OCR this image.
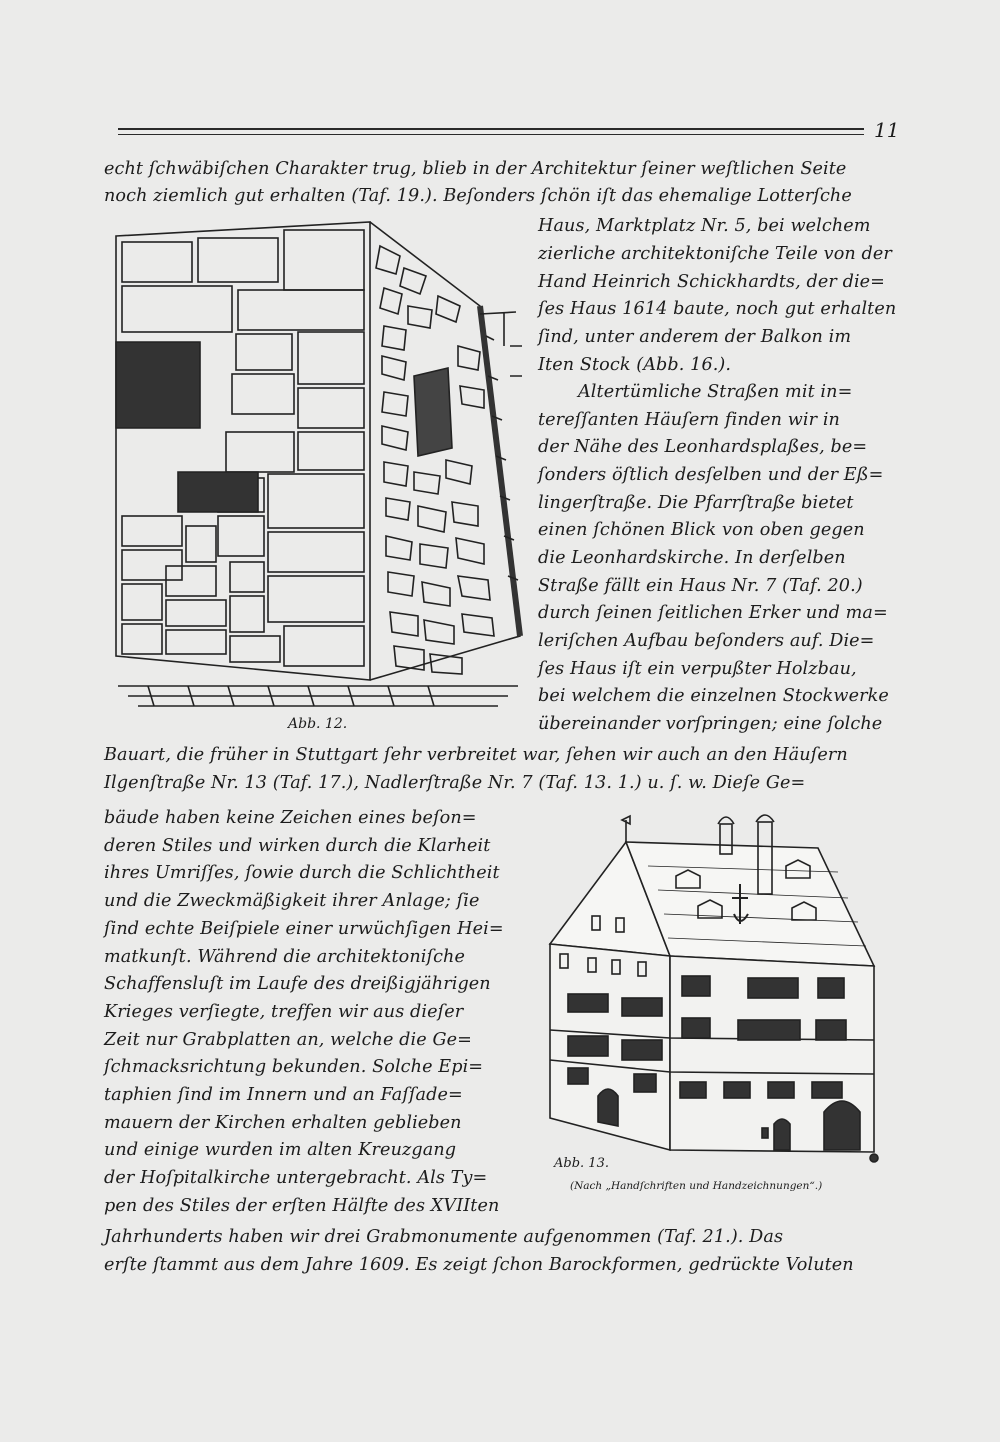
11
echt ſchwäbiſchen Charakter trug, blieb in der Architektur ſeiner weſtlichen Seite
noch ziemlich gut erhalten (Taf. 19.). Beſonders ſchön iſt das ehemalige Lotterſche
Haus, Marktplatz Nr. 5, bei welchem
zierliche architektoniſche Teile von der
Hand Heinrich Schickhardts, der die=
ſes Haus 1614 baute, noch gut erhalten
ſind, unter anderem der Balkon im
Iten Stock (Abb. 16.).
Altertümliche Straßen mit in=
tereſſanten Häuſern finden wir in
der Nähe des Leonhardsplaßes, be=
ſonders öſtlich desſelben und der Eß=
lingerſtraße. Die Pfarrſtraße bietet
einen ſchönen Blick von oben gegen
die Leonhardskirche. In derſelben
Straße fällt ein Haus Nr. 7 (Taf. 20.)
durch ſeinen ſeitlichen Erker und ma=
leriſchen Aufbau beſonders auf. Die=
ſes Haus iſt ein verpußter Holzbau,
bei welchem die einzelnen Stockwerke
übereinander vorſpringen; eine ſolche
Bauart, die früher in Stuttgart ſehr verbreitet war, ſehen wir auch an den Häuſern
Ilgenſtraße Nr. 13 (Taf. 17.), Nadlerſtraße Nr. 7 (Taf. 13. 1.) u. ſ. w. Dieſe Ge=
bäude haben keine Zeichen eines beſon=
deren Stiles und wirken durch die Klarheit
ihres Umriſſes, ſowie durch die Schlichtheit
und die Zweckmäßigkeit ihrer Anlage; ſie
ſind echte Beiſpiele einer urwüchſigen Hei=
matkunſt. Während die architektoniſche
Schaffensluſt im Laufe des dreißigjährigen
Krieges verſiegte, treffen wir aus dieſer
Zeit nur Grabplatten an, welche die Ge=
ſchmacksrichtung bekunden. Solche Epi=
taphien ſind im Innern und an Faſſade=
mauern der Kirchen erhalten geblieben
und einige wurden im alten Kreuzgang
der Hoſpitalkirche untergebracht. Als Ty=
pen des Stiles der erſten Hälfte des XVIIten
Jahrhunderts haben wir drei Grabmonumente aufgenommen (Taf. 21.). Das
erſte ſtammt aus dem Jahre 1609. Es zeigt ſchon Barockformen, gedrückte Voluten
Abb. 12.
Abb. 13.
(Nach „Handſchriften und Handzeichnungen“.)
